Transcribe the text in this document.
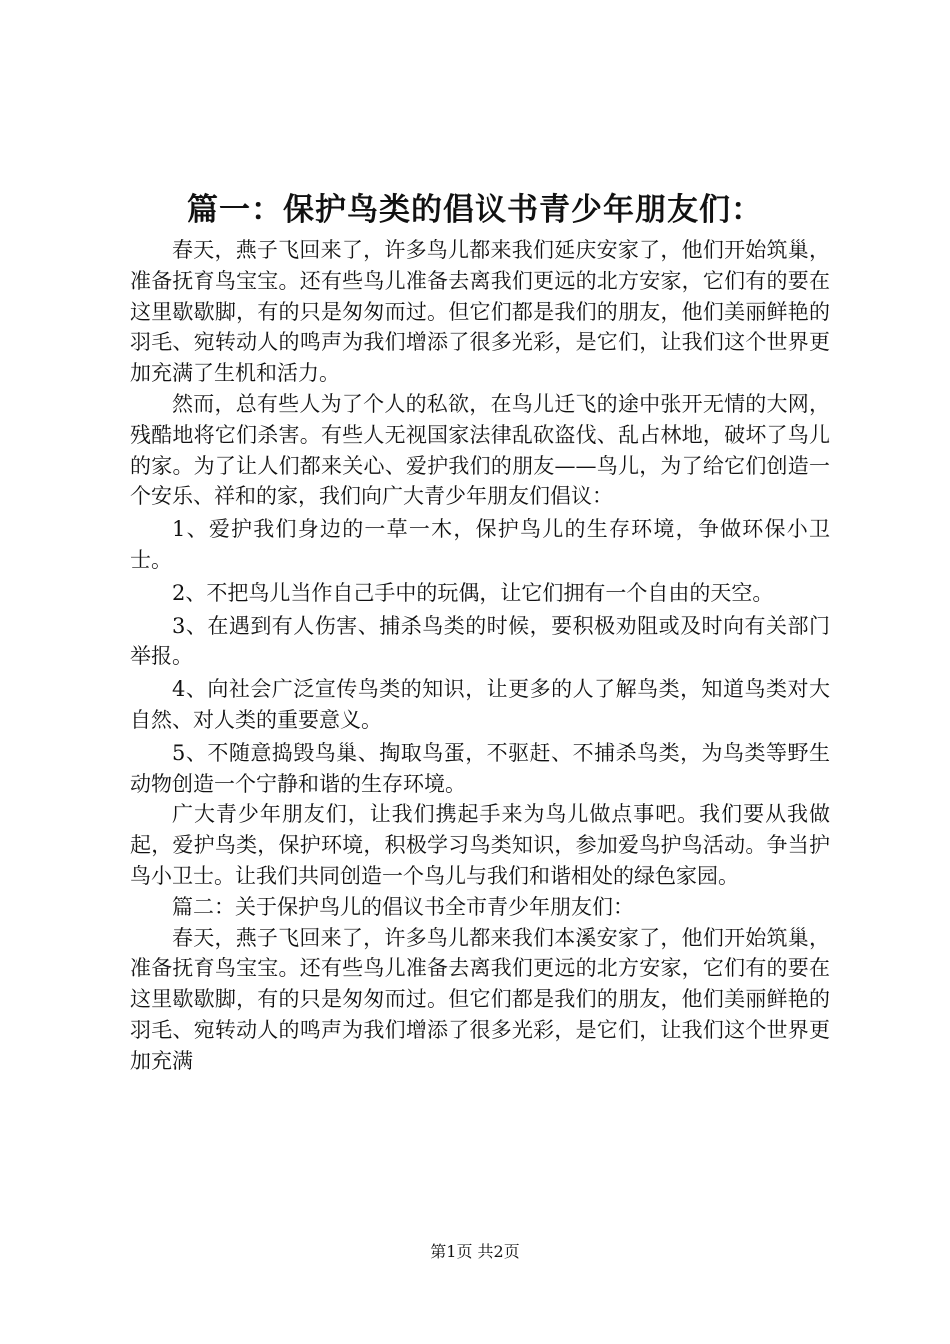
篇一：保护鸟类的倡议书青少年朋友们：

春天，燕子飞回来了，许多鸟儿都来我们延庆安家了，他们开始筑巢，准备抚育鸟宝宝。还有些鸟儿准备去离我们更远的北方安家，它们有的要在这里歇歇脚，有的只是匆匆而过。但它们都是我们的朋友，他们美丽鲜艳的羽毛、宛转动人的鸣声为我们增添了很多光彩，是它们，让我们这个世界更加充满了生机和活力。

然而，总有些人为了个人的私欲，在鸟儿迁飞的途中张开无情的大网，残酷地将它们杀害。有些人无视国家法律乱砍盗伐、乱占林地，破坏了鸟儿的家。为了让人们都来关心、爱护我们的朋友——鸟儿，为了给它们创造一个安乐、祥和的家，我们向广大青少年朋友们倡议：

1、爱护我们身边的一草一木，保护鸟儿的生存环境，争做环保小卫士。

2、不把鸟儿当作自己手中的玩偶，让它们拥有一个自由的天空。

3、在遇到有人伤害、捕杀鸟类的时候，要积极劝阻或及时向有关部门举报。

4、向社会广泛宣传鸟类的知识，让更多的人了解鸟类，知道鸟类对大自然、对人类的重要意义。

5、不随意捣毁鸟巢、掏取鸟蛋，不驱赶、不捕杀鸟类，为鸟类等野生动物创造一个宁静和谐的生存环境。

广大青少年朋友们，让我们携起手来为鸟儿做点事吧。我们要从我做起，爱护鸟类，保护环境，积极学习鸟类知识，参加爱鸟护鸟活动。争当护鸟小卫士。让我们共同创造一个鸟儿与我们和谐相处的绿色家园。

篇二：关于保护鸟儿的倡议书全市青少年朋友们：

春天，燕子飞回来了，许多鸟儿都来我们本溪安家了，他们开始筑巢，准备抚育鸟宝宝。还有些鸟儿准备去离我们更远的北方安家，它们有的要在这里歇歇脚，有的只是匆匆而过。但它们都是我们的朋友，他们美丽鲜艳的羽毛、宛转动人的鸣声为我们增添了很多光彩，是它们，让我们这个世界更加充满

第1页 共2页
